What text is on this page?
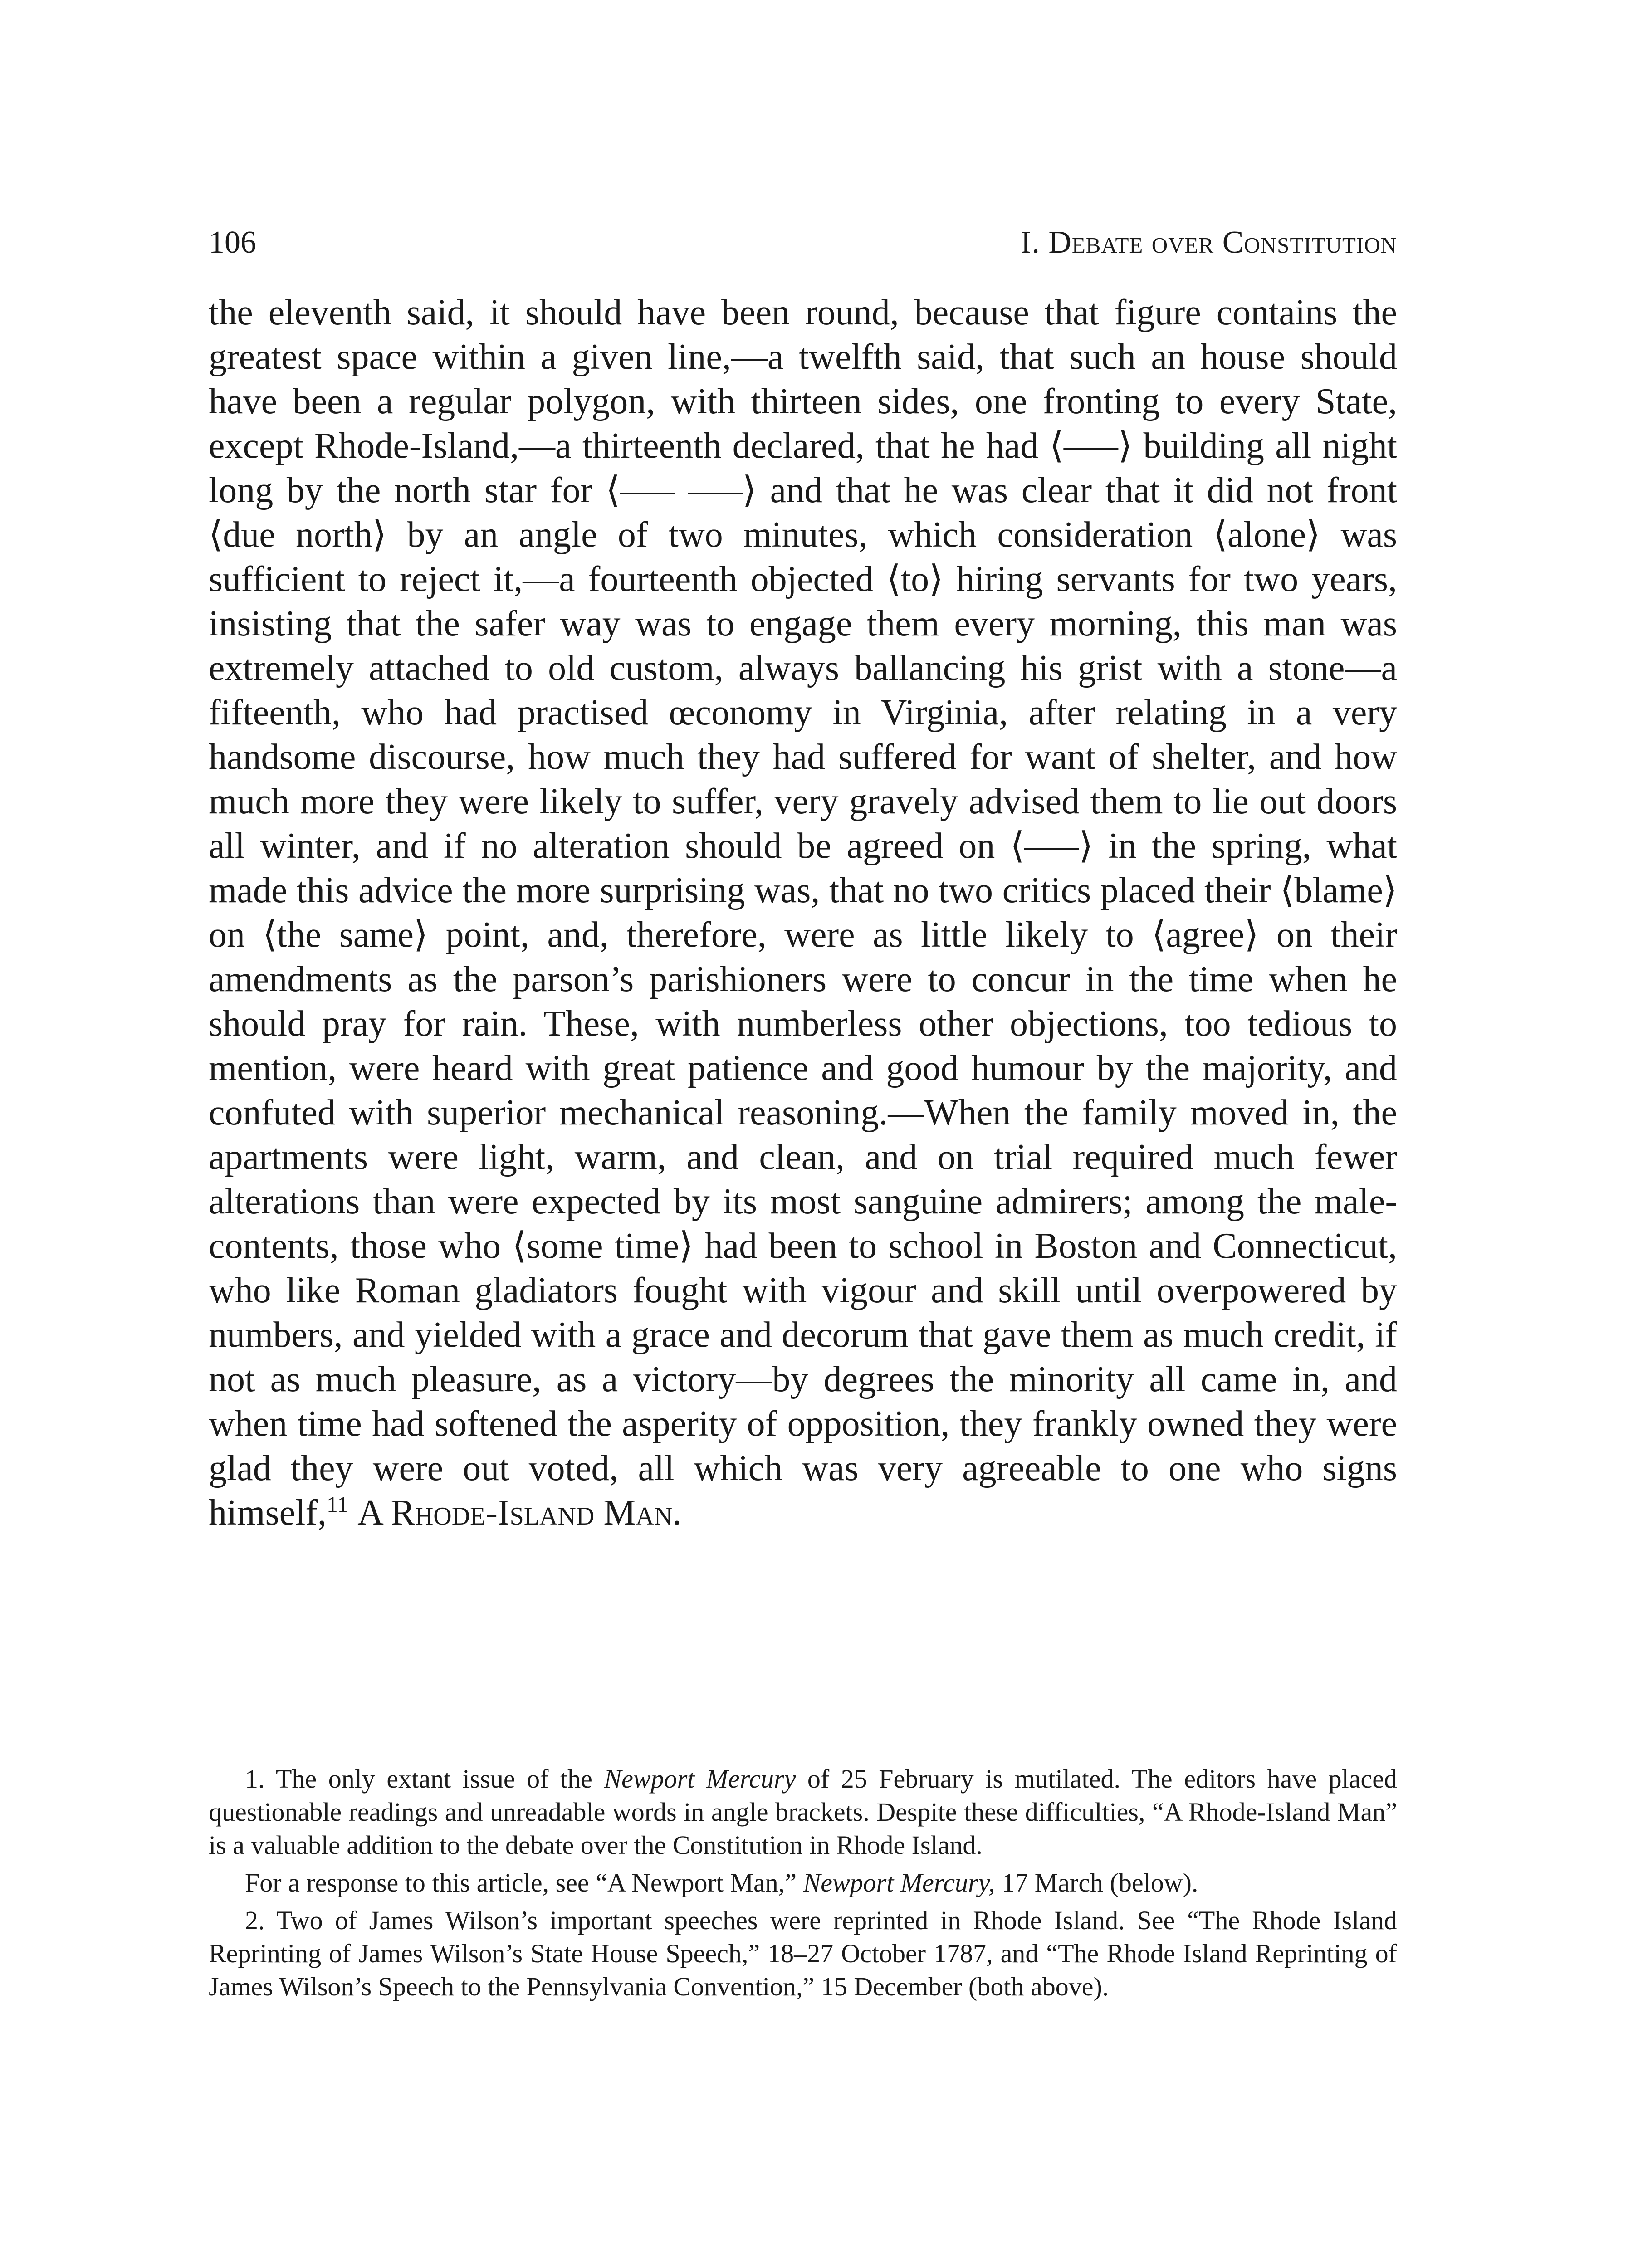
106	I. Debate over Constitution

the eleventh said, it should have been round, because that figure contains the greatest space within a given line,—a twelfth said, that such an house should have been a regular polygon, with thirteen sides, one fronting to every State, except Rhode-Island,—a thirteenth declared, that he had ⟨–––⟩ building all night long by the north star for ⟨––– –––⟩ and that he was clear that it did not front ⟨due north⟩ by an angle of two minutes, which consideration ⟨alone⟩ was sufficient to reject it,—a fourteenth objected ⟨to⟩ hiring servants for two years, insisting that the safer way was to engage them every morning, this man was extremely attached to old custom, always ballancing his grist with a stone—a fifteenth, who had practised œconomy in Virginia, after relating in a very handsome discourse, how much they had suffered for want of shelter, and how much more they were likely to suffer, very gravely advised them to lie out doors all winter, and if no alteration should be agreed on ⟨–––⟩ in the spring, what made this advice the more surprising was, that no two critics placed their ⟨blame⟩ on ⟨the same⟩ point, and, therefore, were as little likely to ⟨agree⟩ on their amendments as the parson’s parishioners were to concur in the time when he should pray for rain. These, with numberless other objections, too tedious to mention, were heard with great patience and good humour by the majority, and confuted with superior mechanical reasoning.—When the family moved in, the apartments were light, warm, and clean, and on trial required much fewer alterations than were expected by its most sanguine admirers; among the male-contents, those who ⟨some time⟩ had been to school in Boston and Connecticut, who like Roman gladiators fought with vigour and skill until overpowered by numbers, and yielded with a grace and decorum that gave them as much credit, if not as much pleasure, as a victory—by degrees the minority all came in, and when time had softened the asperity of opposition, they frankly owned they were glad they were out voted, all which was very agreeable to one who signs himself,$^{11}$ A Rhode-Island Man.

1. The only extant issue of the Newport Mercury of 25 February is mutilated. The editors have placed questionable readings and unreadable words in angle brackets. Despite these difficulties, “A Rhode-Island Man” is a valuable addition to the debate over the Constitution in Rhode Island.

For a response to this article, see “A Newport Man,” Newport Mercury, 17 March (below).

2. Two of James Wilson’s important speeches were reprinted in Rhode Island. See “The Rhode Island Reprinting of James Wilson’s State House Speech,” 18–27 October 1787, and “The Rhode Island Reprinting of James Wilson’s Speech to the Pennsylvania Convention,” 15 December (both above).
